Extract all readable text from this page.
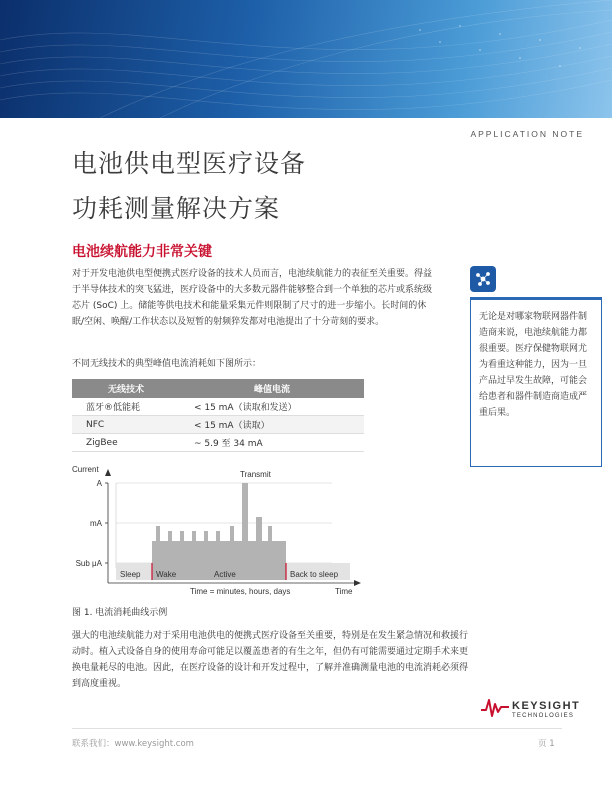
APPLICATION NOTE
电池供电型医疗设备
功耗测量解决方案
电池续航能力非常关键
对于开发电池供电型便携式医疗设备的技术人员而言，电池续航能力的表征至关重要。得益于半导体技术的突飞猛进，医疗设备中的大多数元器件能够整合到一个单独的芯片或系统级芯片 (SoC) 上。储能等供电技术和能量采集元件则限制了尺寸的进一步缩小。长时间的休眠/空闲、唤醒/工作状态以及短暂的射频猝发都对电池提出了十分苛刻的要求。
不同无线技术的典型峰值电流消耗如下图所示：
无线技术	峰值电流
蓝牙®低能耗	< 15 mA（读取和发送）
NFC	< 15 mA（读取）
ZigBee	~ 5.9 至 34 mA
无论是对哪家物联网器件制造商来说，电池续航能力都很重要。医疗保健物联网尤为看重这种能力，因为一旦产品过早发生故障，可能会给患者和器件制造商造成严重后果。
Current
A
mA
Sub μA
Sleep Wake	Active	Back to sleep
Transmit
Time = minutes, hours, days	Time
图 1. 电流消耗曲线示例
强大的电池续航能力对于采用电池供电的便携式医疗设备至关重要，特别是在发生紧急情况和救援行动时。植入式设备自身的使用寿命可能足以覆盖患者的有生之年，但仍有可能需要通过定期手术来更换电量耗尽的电池。因此，在医疗设备的设计和开发过程中，了解并准确测量电池的电流消耗必须得到高度重视。
KEYSIGHT
TECHNOLOGIES
联系我们：www.keysight.com	页 1
